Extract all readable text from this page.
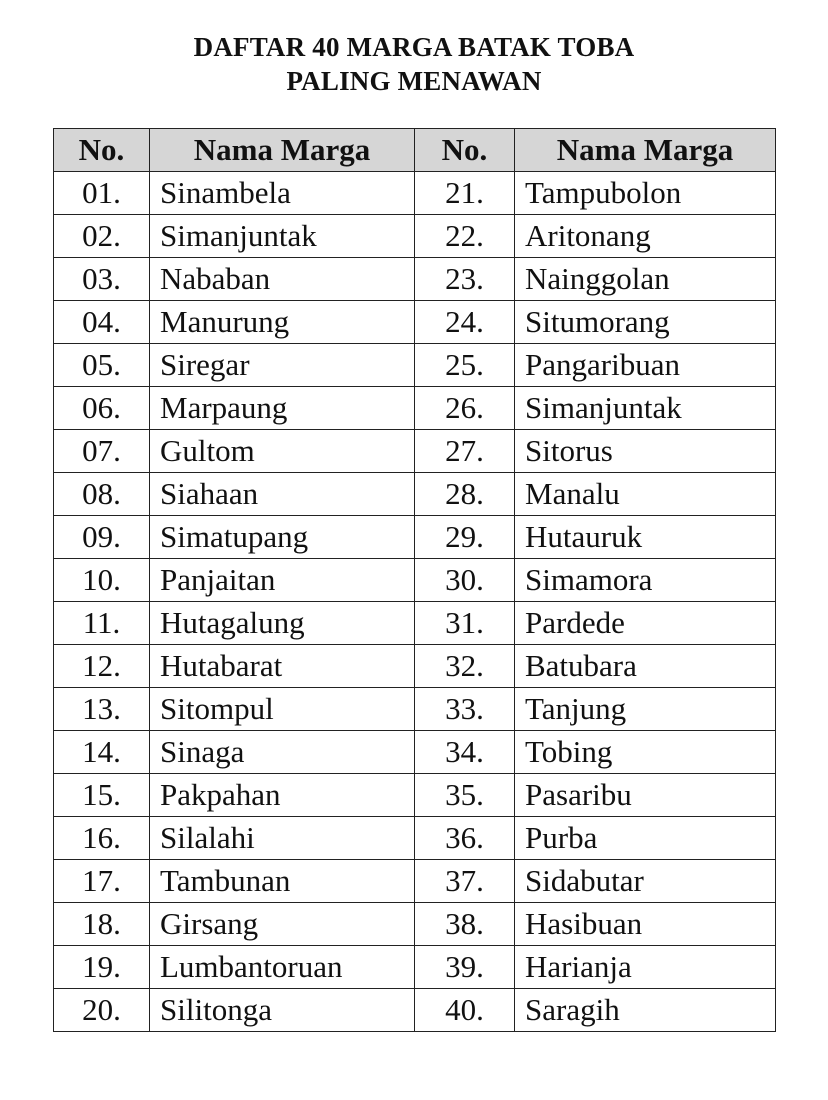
DAFTAR 40 MARGA BATAK TOBA
PALING MENAWAN
No.	Nama Marga	No.	Nama Marga
01.	Sinambela	21.	Tampubolon
02.	Simanjuntak	22.	Aritonang
03.	Nababan	23.	Nainggolan
04.	Manurung	24.	Situmorang
05.	Siregar	25.	Pangaribuan
06.	Marpaung	26.	Simanjuntak
07.	Gultom	27.	Sitorus
08.	Siahaan	28.	Manalu
09.	Simatupang	29.	Hutauruk
10.	Panjaitan	30.	Simamora
11.	Hutagalung	31.	Pardede
12.	Hutabarat	32.	Batubara
13.	Sitompul	33.	Tanjung
14.	Sinaga	34.	Tobing
15.	Pakpahan	35.	Pasaribu
16.	Silalahi	36.	Purba
17.	Tambunan	37.	Sidabutar
18.	Girsang	38.	Hasibuan
19.	Lumbantoruan	39.	Harianja
20.	Silitonga	40.	Saragih
